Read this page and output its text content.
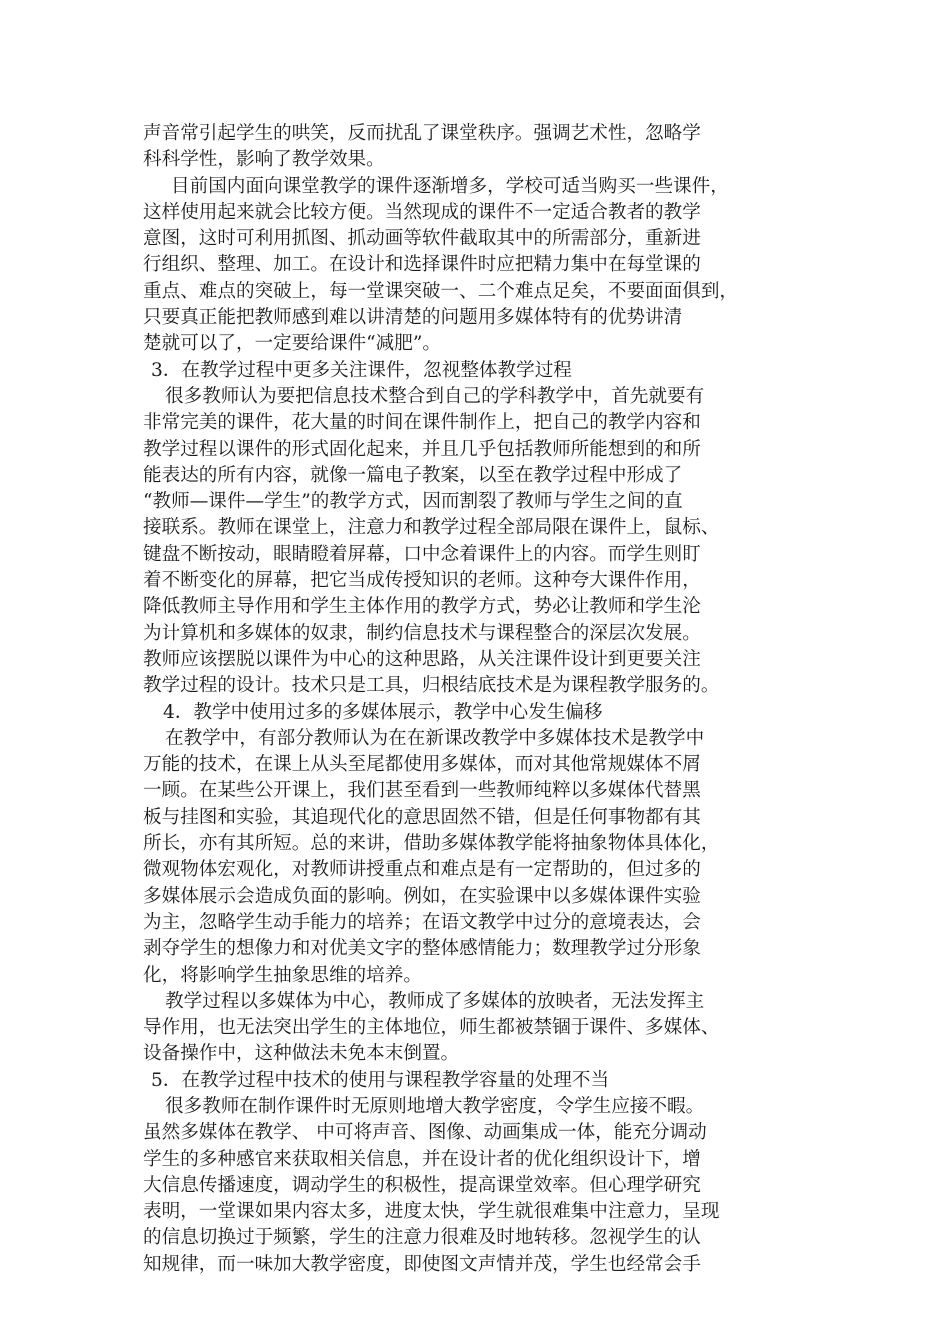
声音常引起学生的哄笑，反而扰乱了课堂秩序。强调艺术性，忽略学
科科学性，影响了教学效果。
目前国内面向课堂教学的课件逐渐增多，学校可适当购买一些课件，
这样使用起来就会比较方便。当然现成的课件不一定适合教者的教学
意图，这时可利用抓图、抓动画等软件截取其中的所需部分，重新进
行组织、整理、加工。在设计和选择课件时应把精力集中在每堂课的
重点、难点的突破上，每一堂课突破一、二个难点足矣，不要面面俱到，
只要真正能把教师感到难以讲清楚的问题用多媒体特有的优势讲清
楚就可以了，一定要给课件“减肥”。
3．在教学过程中更多关注课件，忽视整体教学过程
很多教师认为要把信息技术整合到自己的学科教学中，首先就要有
非常完美的课件，花大量的时间在课件制作上，把自己的教学内容和
教学过程以课件的形式固化起来，并且几乎包括教师所能想到的和所
能表达的所有内容，就像一篇电子教案，以至在教学过程中形成了
“教师—课件—学生”的教学方式，因而割裂了教师与学生之间的直
接联系。教师在课堂上，注意力和教学过程全部局限在课件上，鼠标、
键盘不断按动，眼睛瞪着屏幕，口中念着课件上的内容。而学生则盯
着不断变化的屏幕，把它当成传授知识的老师。这种夸大课件作用，
降低教师主导作用和学生主体作用的教学方式，势必让教师和学生沦
为计算机和多媒体的奴隶，制约信息技术与课程整合的深层次发展。
教师应该摆脱以课件为中心的这种思路，从关注课件设计到更要关注
教学过程的设计。技术只是工具，归根结底技术是为课程教学服务的。
4．教学中使用过多的多媒体展示，教学中心发生偏移
在教学中，有部分教师认为在在新课改教学中多媒体技术是教学中
万能的技术，在课上从头至尾都使用多媒体，而对其他常规媒体不屑
一顾。在某些公开课上，我们甚至看到一些教师纯粹以多媒体代替黑
板与挂图和实验，其追现代化的意思固然不错，但是任何事物都有其
所长，亦有其所短。总的来讲，借助多媒体教学能将抽象物体具体化，
微观物体宏观化，对教师讲授重点和难点是有一定帮助的，但过多的
多媒体展示会造成负面的影响。例如，在实验课中以多媒体课件实验
为主，忽略学生动手能力的培养；在语文教学中过分的意境表达，会
剥夺学生的想像力和对优美文字的整体感情能力；数理教学过分形象
化，将影响学生抽象思维的培养。
教学过程以多媒体为中心，教师成了多媒体的放映者，无法发挥主
导作用，也无法突出学生的主体地位，师生都被禁锢于课件、多媒体、
设备操作中，这种做法未免本末倒置。
5．在教学过程中技术的使用与课程教学容量的处理不当
很多教师在制作课件时无原则地增大教学密度，令学生应接不暇。
虽然多媒体在教学、 中可将声音、图像、动画集成一体，能充分调动
学生的多种感官来获取相关信息，并在设计者的优化组织设计下，增
大信息传播速度，调动学生的积极性，提高课堂效率。但心理学研究
表明，一堂课如果内容太多，进度太快，学生就很难集中注意力，呈现
的信息切换过于频繁，学生的注意力很难及时地转移。忽视学生的认
知规律，而一味加大教学密度，即使图文声情并茂，学生也经常会手
